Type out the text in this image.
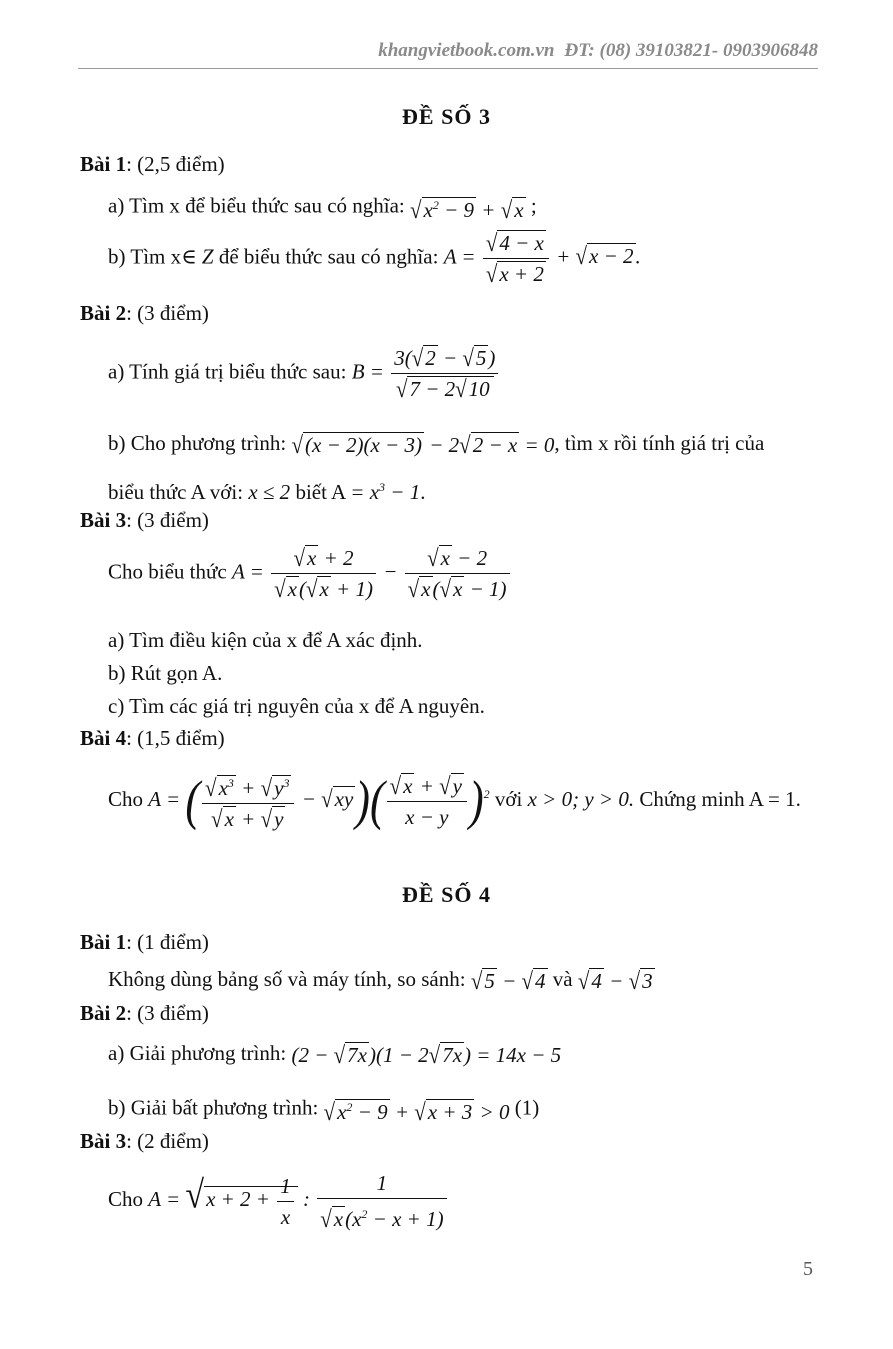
khangvietbook.com.vn ĐT: (08) 39103821- 0903906848
ĐỀ SỐ 3
Bài 1: (2,5 điểm)
a) Tìm x để biểu thức sau có nghĩa: $√x^2 - 9 + √x$ ;
b) Tìm x∈ Z để biểu thức sau có nghĩa: $A = \frac{√4 - x}{√x + 2} + √x - 2$.
Bài 2: (3 điểm)
a) Tính giá trị biểu thức sau: $B = \frac{3(√2 - √5)}{√7 - 2√10}$
b) Cho phương trình: √(x − 2)(x − 3) − 2√2 − x = 0, tìm x rồi tính giá trị của
biểu thức A với: x ≤ 2 biết $A = x^3 - 1$.
Bài 3: (3 điểm)
Cho biểu thức $A = \frac{√x + 2}{√x(√x + 1)} - \frac{√x - 2}{√x(√x - 1)}$
a) Tìm điều kiện của x để A xác định.
b) Rút gọn A.
c) Tìm các giá trị nguyên của x để A nguyên.
Bài 4: (1,5 điểm)
Cho A = ( $\frac{√x^3 + √y^3}{√x + √y} - √xy)( \frac{√x + √y}{x - y} )^2$ với x > 0; y > 0. Chứng minh A = 1.
ĐỀ SỐ 4
Bài 1: (1 điểm)
Không dùng bảng số và máy tính, so sánh: √5 − √4 và √4 − √3
Bài 2: (3 điểm)
a) Giải phương trình: (2 − √7x)(1 − 2√7x) = 14x − 5
b) Giải bất phương trình: $√x^2 - 9 + √x + 3 > 0$ (1)
Bài 3: (2 điểm)
Cho $A = √x + 2 + \frac{1}{x}$ : $\frac{1}{√x(x^2 - x + 1)}$
5
